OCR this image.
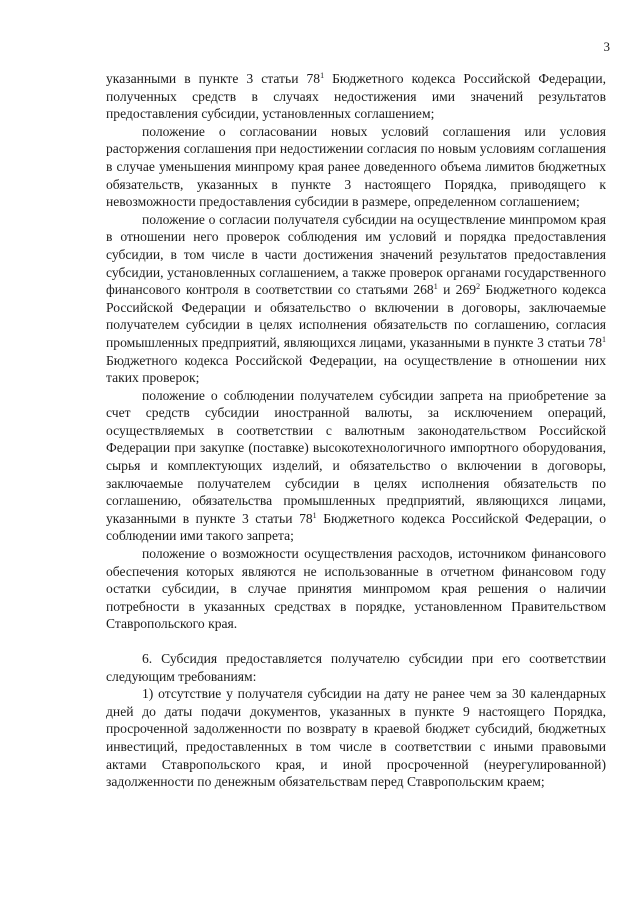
3

указанными в пункте 3 статьи $78^1$ Бюджетного кодекса Российской Федерации, полученных средств в случаях недостижения ими значений результатов предоставления субсидии, установленных соглашением;

положение о согласовании новых условий соглашения или условия расторжения соглашения при недостижении согласия по новым условиям соглашения в случае уменьшения минпрому края ранее доведенного объема лимитов бюджетных обязательств, указанных в пункте 3 настоящего Порядка, приводящего к невозможности предоставления субсидии в размере, определенном соглашением;

положение о согласии получателя субсидии на осуществление минпромом края в отношении него проверок соблюдения им условий и порядка предоставления субсидии, в том числе в части достижения значений результатов предоставления субсидии, установленных соглашением, а также проверок органами государственного финансового контроля в соответствии со статьями $268^1$ и $269^2$ Бюджетного кодекса Российской Федерации и обязательство о включении в договоры, заключаемые получателем субсидии в целях исполнения обязательств по соглашению, согласия промышленных предприятий, являющихся лицами, указанными в пункте 3 статьи $78^1$ Бюджетного кодекса Российской Федерации, на осуществление в отношении них таких проверок;

положение о соблюдении получателем субсидии запрета на приобретение за счет средств субсидии иностранной валюты, за исключением операций, осуществляемых в соответствии с валютным законодательством Российской Федерации при закупке (поставке) высокотехнологичного импортного оборудования, сырья и комплектующих изделий, и обязательство о включении в договоры, заключаемые получателем субсидии в целях исполнения обязательств по соглашению, обязательства промышленных предприятий, являющихся лицами, указанными в пункте 3 статьи $78^1$ Бюджетного кодекса Российской Федерации, о соблюдении ими такого запрета;

положение о возможности осуществления расходов, источником финансового обеспечения которых являются не использованные в отчетном финансовом году остатки субсидии, в случае принятия минпромом края решения о наличии потребности в указанных средствах в порядке, установленном Правительством Ставропольского края.

6. Субсидия предоставляется получателю субсидии при его соответствии следующим требованиям:

1) отсутствие у получателя субсидии на дату не ранее чем за 30 календарных дней до даты подачи документов, указанных в пункте 9 настоящего Порядка, просроченной задолженности по возврату в краевой бюджет субсидий, бюджетных инвестиций, предоставленных в том числе в соответствии с иными правовыми актами Ставропольского края, и иной просроченной (неурегулированной) задолженности по денежным обязательствам перед Ставропольским краем;
